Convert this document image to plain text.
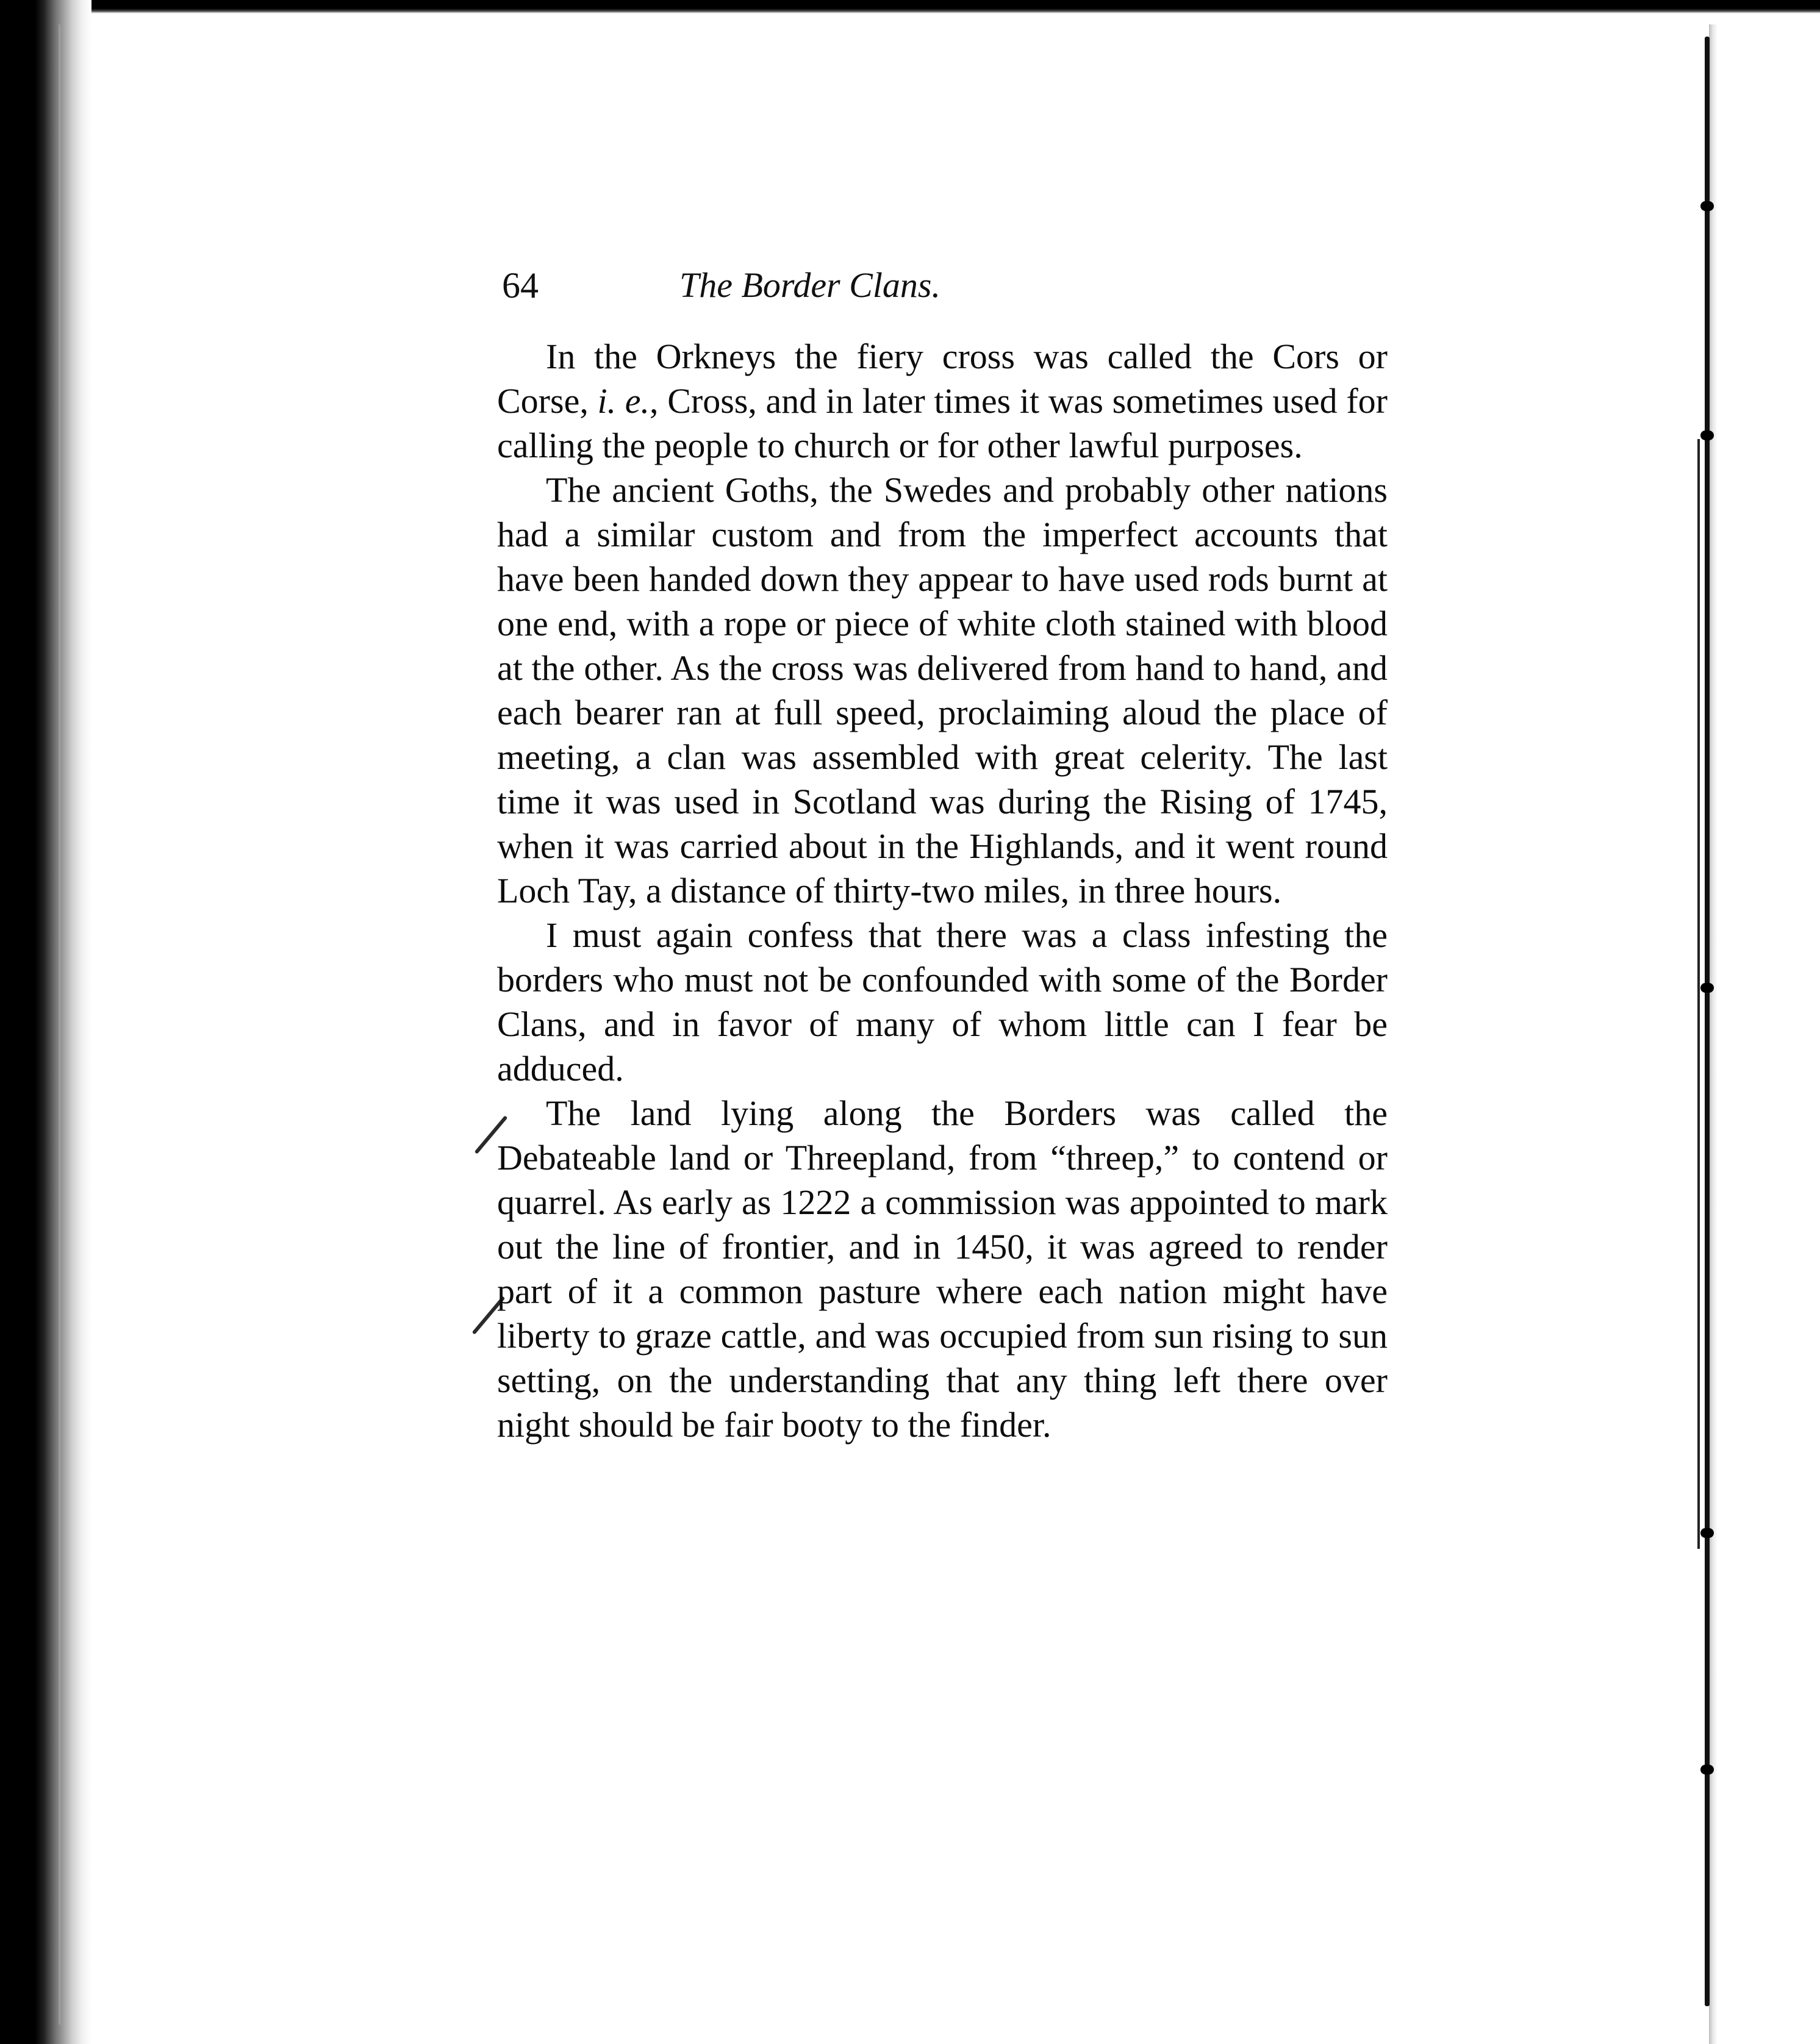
The Border Clans.
64

In the Orkneys the fiery cross was called the Cors or Corse, i. e., Cross, and in later times it was sometimes used for calling the people to church or for other lawful purposes.

The ancient Goths, the Swedes and probably other nations had a similar custom and from the imperfect accounts that have been handed down they appear to have used rods burnt at one end, with a rope or piece of white cloth stained with blood at the other. As the cross was delivered from hand to hand, and each bearer ran at full speed, proclaiming aloud the place of meeting, a clan was assembled with great celerity. The last time it was used in Scotland was during the Rising of 1745, when it was carried about in the Highlands, and it went round Loch Tay, a distance of thirty-two miles, in three hours.

I must again confess that there was a class infesting the borders who must not be confounded with some of the Border Clans, and in favor of many of whom little can I fear be adduced.

The land lying along the Borders was called the Debateable land or Threepland, from “threep,” to contend or quarrel. As early as 1222 a commission was appointed to mark out the line of frontier, and in 1450, it was agreed to render part of it a common pasture where each nation might have liberty to graze cattle, and was occupied from sun rising to sun setting, on the understanding that any thing left there over night should be fair booty to the finder.
